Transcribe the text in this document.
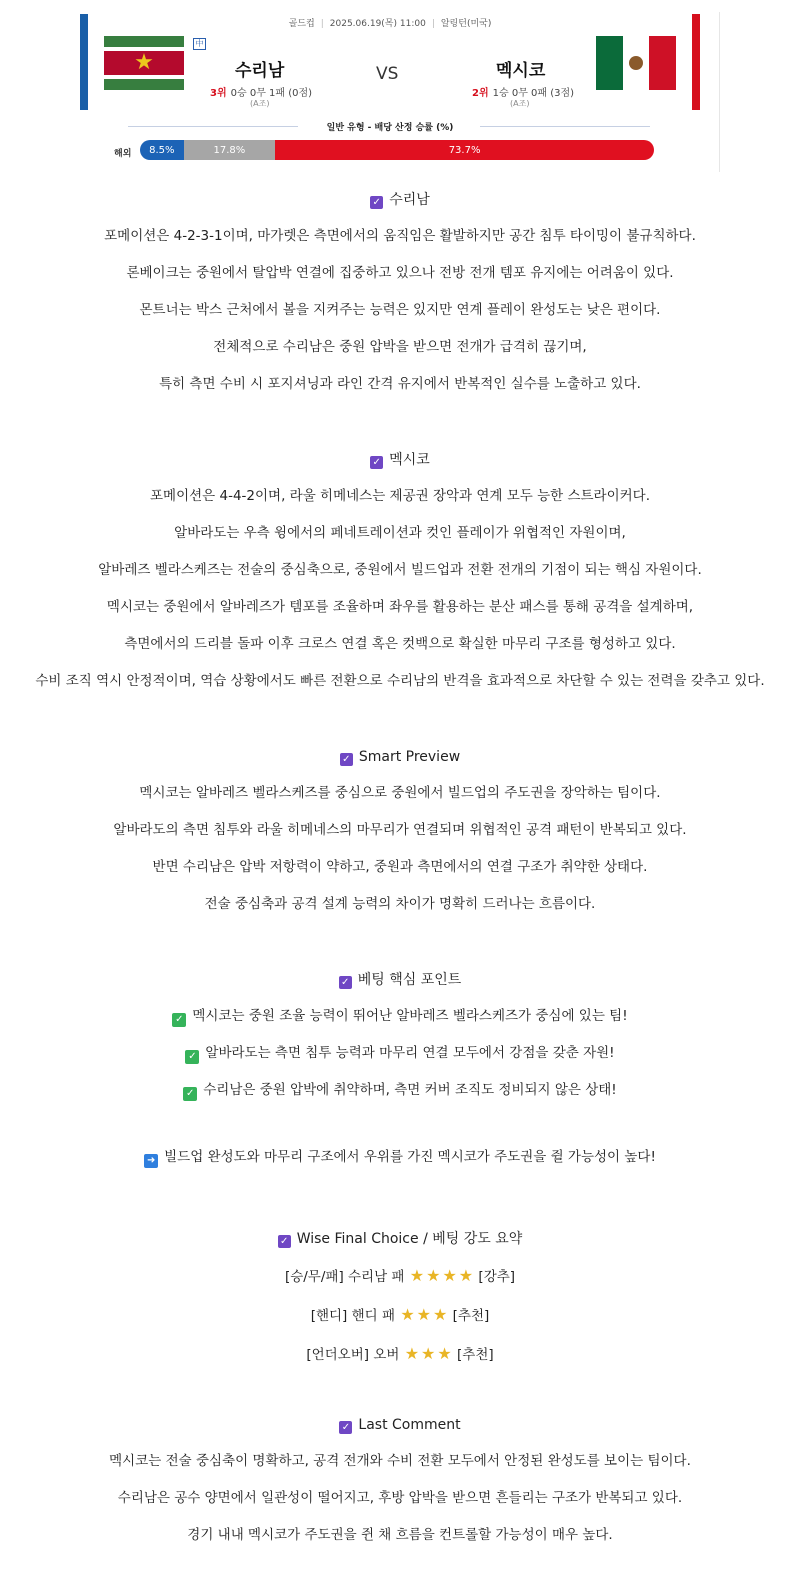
골드컵 | 2025.06.19(목) 11:00 | 알링턴(미국)
★
中
수리남	VS	멕시코
3위 0승 0무 1패 (0점)	2위 1승 0무 0패 (3점)
(A조)	(A조)
일반 유형 - 배당 산정 승률 (%)
해외	8.5%	17.8%	73.7%
✓ 수리남
포메이션은 4-2-3-1이며, 마가렛은 측면에서의 움직임은 활발하지만 공간 침투 타이밍이 불규칙하다.
론베이크는 중원에서 탈압박 연결에 집중하고 있으나 전방 전개 템포 유지에는 어려움이 있다.
몬트너는 박스 근처에서 볼을 지켜주는 능력은 있지만 연계 플레이 완성도는 낮은 편이다.
전체적으로 수리남은 중원 압박을 받으면 전개가 급격히 끊기며,
특히 측면 수비 시 포지셔닝과 라인 간격 유지에서 반복적인 실수를 노출하고 있다.
✓ 멕시코
포메이션은 4-4-2이며, 라울 히메네스는 제공권 장악과 연계 모두 능한 스트라이커다.
알바라도는 우측 윙에서의 페네트레이션과 컷인 플레이가 위협적인 자원이며,
알바레즈 벨라스케즈는 전술의 중심축으로, 중원에서 빌드업과 전환 전개의 기점이 되는 핵심 자원이다.
멕시코는 중원에서 알바레즈가 템포를 조율하며 좌우를 활용하는 분산 패스를 통해 공격을 설계하며,
측면에서의 드리블 돌파 이후 크로스 연결 혹은 컷백으로 확실한 마무리 구조를 형성하고 있다.
수비 조직 역시 안정적이며, 역습 상황에서도 빠른 전환으로 수리남의 반격을 효과적으로 차단할 수 있는 전력을 갖추고 있다.
✓ Smart Preview
멕시코는 알바레즈 벨라스케즈를 중심으로 중원에서 빌드업의 주도권을 장악하는 팀이다.
알바라도의 측면 침투와 라울 히메네스의 마무리가 연결되며 위협적인 공격 패턴이 반복되고 있다.
반면 수리남은 압박 저항력이 약하고, 중원과 측면에서의 연결 구조가 취약한 상태다.
전술 중심축과 공격 설계 능력의 차이가 명확히 드러나는 흐름이다.
✓ 베팅 핵심 포인트
✓ 멕시코는 중원 조율 능력이 뛰어난 알바레즈 벨라스케즈가 중심에 있는 팀!
✓ 알바라도는 측면 침투 능력과 마무리 연결 모두에서 강점을 갖춘 자원!
✓ 수리남은 중원 압박에 취약하며, 측면 커버 조직도 정비되지 않은 상태!
➜ 빌드업 완성도와 마무리 구조에서 우위를 가진 멕시코가 주도권을 쥘 가능성이 높다!
✓ Wise Final Choice / 베팅 강도 요약
[승/무/패] 수리남 패 ★ ★ ★ ★ [강추]
[핸디] 핸디 패 ★ ★ ★ [추천]
[언더오버] 오버 ★ ★ ★ [추천]
✓ Last Comment
멕시코는 전술 중심축이 명확하고, 공격 전개와 수비 전환 모두에서 안정된 완성도를 보이는 팀이다.
수리남은 공수 양면에서 일관성이 떨어지고, 후방 압박을 받으면 흔들리는 구조가 반복되고 있다.
경기 내내 멕시코가 주도권을 쥔 채 흐름을 컨트롤할 가능성이 매우 높다.
